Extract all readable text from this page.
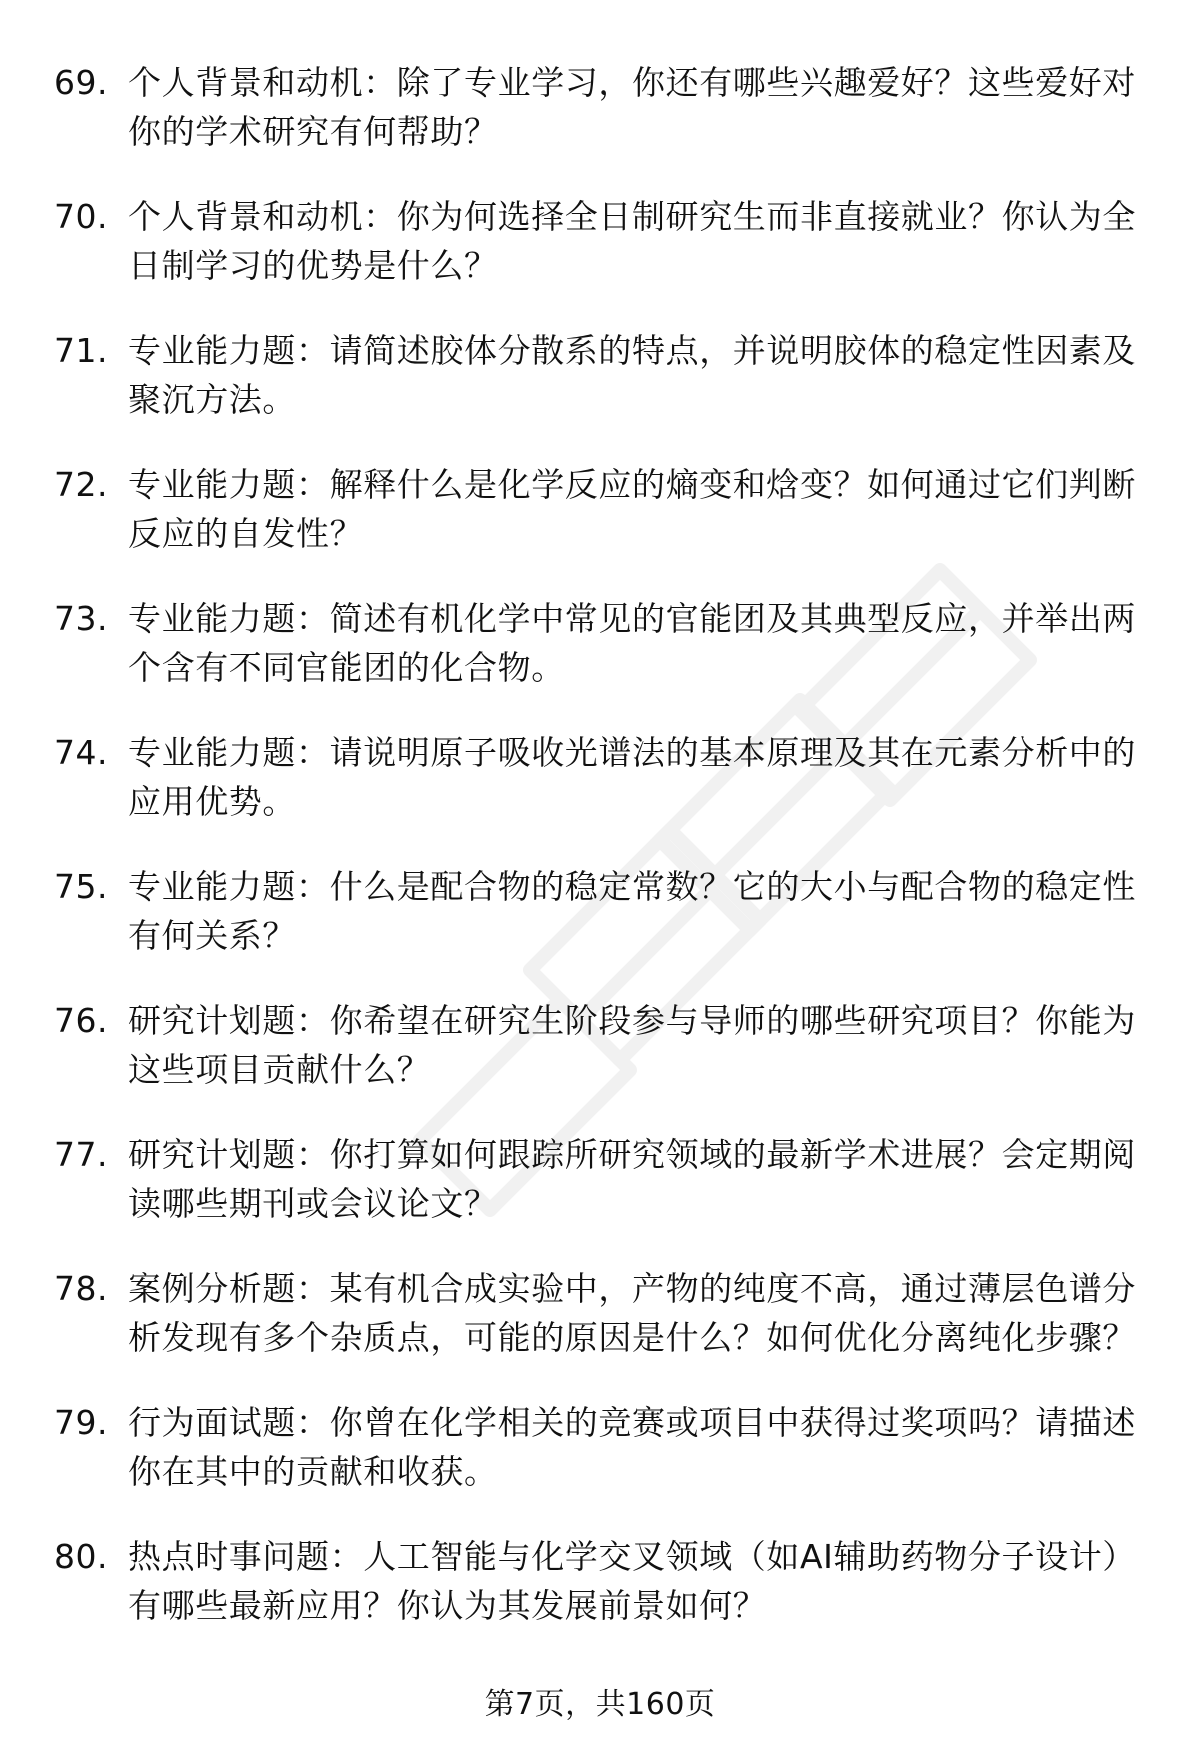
69. 个人背景和动机：除了专业学习，你还有哪些兴趣爱好？这些爱好对你的学术研究有何帮助？
70. 个人背景和动机：你为何选择全日制研究生而非直接就业？你认为全日制学习的优势是什么？
71. 专业能力题：请简述胶体分散系的特点，并说明胶体的稳定性因素及聚沉方法。
72. 专业能力题：解释什么是化学反应的熵变和焓变？如何通过它们判断反应的自发性？
73. 专业能力题：简述有机化学中常见的官能团及其典型反应，并举出两个含有不同官能团的化合物。
74. 专业能力题：请说明原子吸收光谱法的基本原理及其在元素分析中的应用优势。
75. 专业能力题：什么是配合物的稳定常数？它的大小与配合物的稳定性有何关系？
76. 研究计划题：你希望在研究生阶段参与导师的哪些研究项目？你能为这些项目贡献什么？
77. 研究计划题：你打算如何跟踪所研究领域的最新学术进展？会定期阅读哪些期刊或会议论文？
78. 案例分析题：某有机合成实验中，产物的纯度不高，通过薄层色谱分析发现有多个杂质点，可能的原因是什么？如何优化分离纯化步骤？
79. 行为面试题：你曾在化学相关的竞赛或项目中获得过奖项吗？请描述你在其中的贡献和收获。
80. 热点时事问题：人工智能与化学交叉领域（如AI辅助药物分子设计）有哪些最新应用？你认为其发展前景如何？
第7页，共160页
